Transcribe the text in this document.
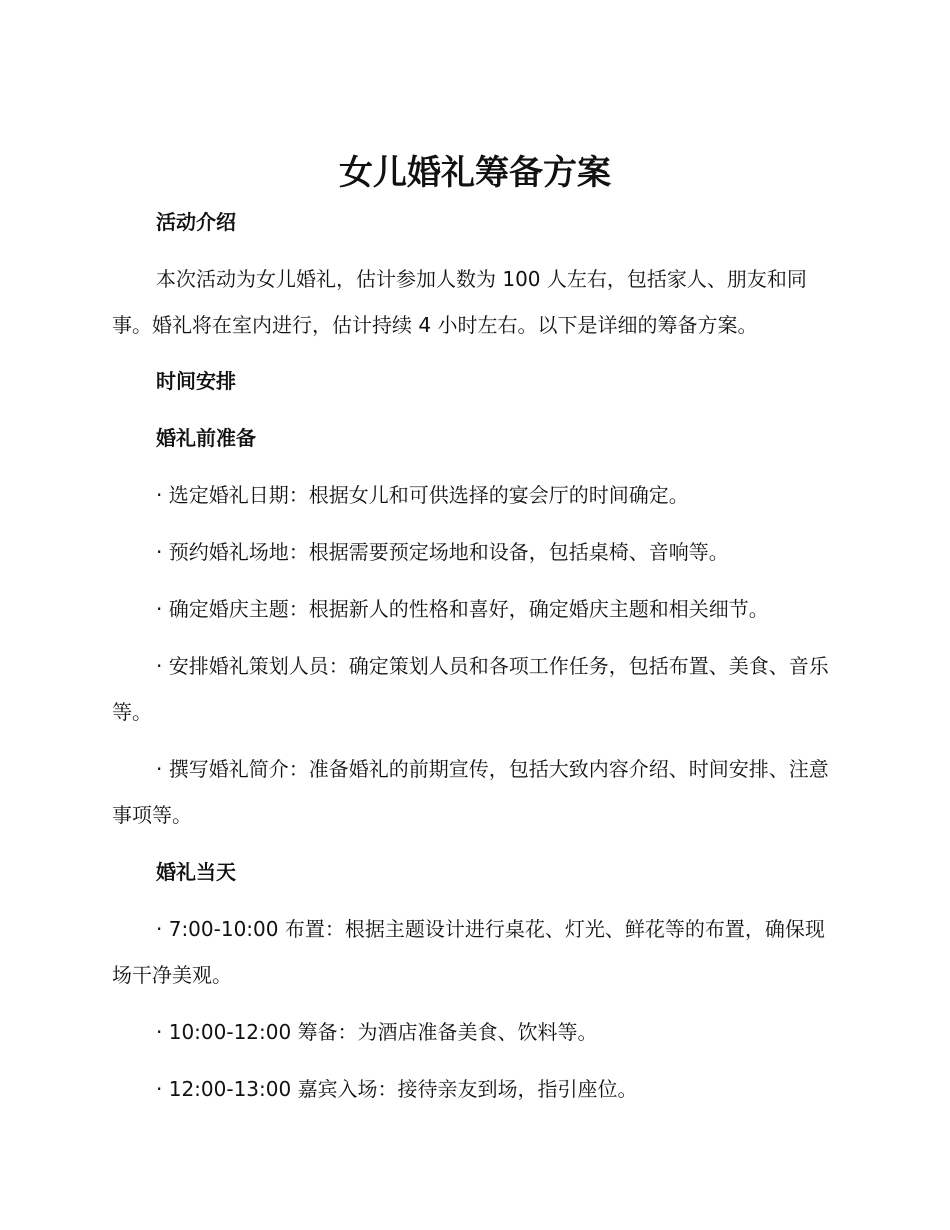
女儿婚礼筹备方案

活动介绍

本次活动为女儿婚礼，估计参加人数为 100 人左右，包括家人、朋友和同事。婚礼将在室内进行，估计持续 4 小时左右。以下是详细的筹备方案。

时间安排

婚礼前准备

· 选定婚礼日期：根据女儿和可供选择的宴会厅的时间确定。

· 预约婚礼场地：根据需要预定场地和设备，包括桌椅、音响等。

· 确定婚庆主题：根据新人的性格和喜好，确定婚庆主题和相关细节。

· 安排婚礼策划人员：确定策划人员和各项工作任务，包括布置、美食、音乐等。

· 撰写婚礼简介：准备婚礼的前期宣传，包括大致内容介绍、时间安排、注意事项等。

婚礼当天

· 7:00-10:00 布置：根据主题设计进行桌花、灯光、鲜花等的布置，确保现场干净美观。

· 10:00-12:00 筹备：为酒店准备美食、饮料等。

· 12:00-13:00 嘉宾入场：接待亲友到场，指引座位。
